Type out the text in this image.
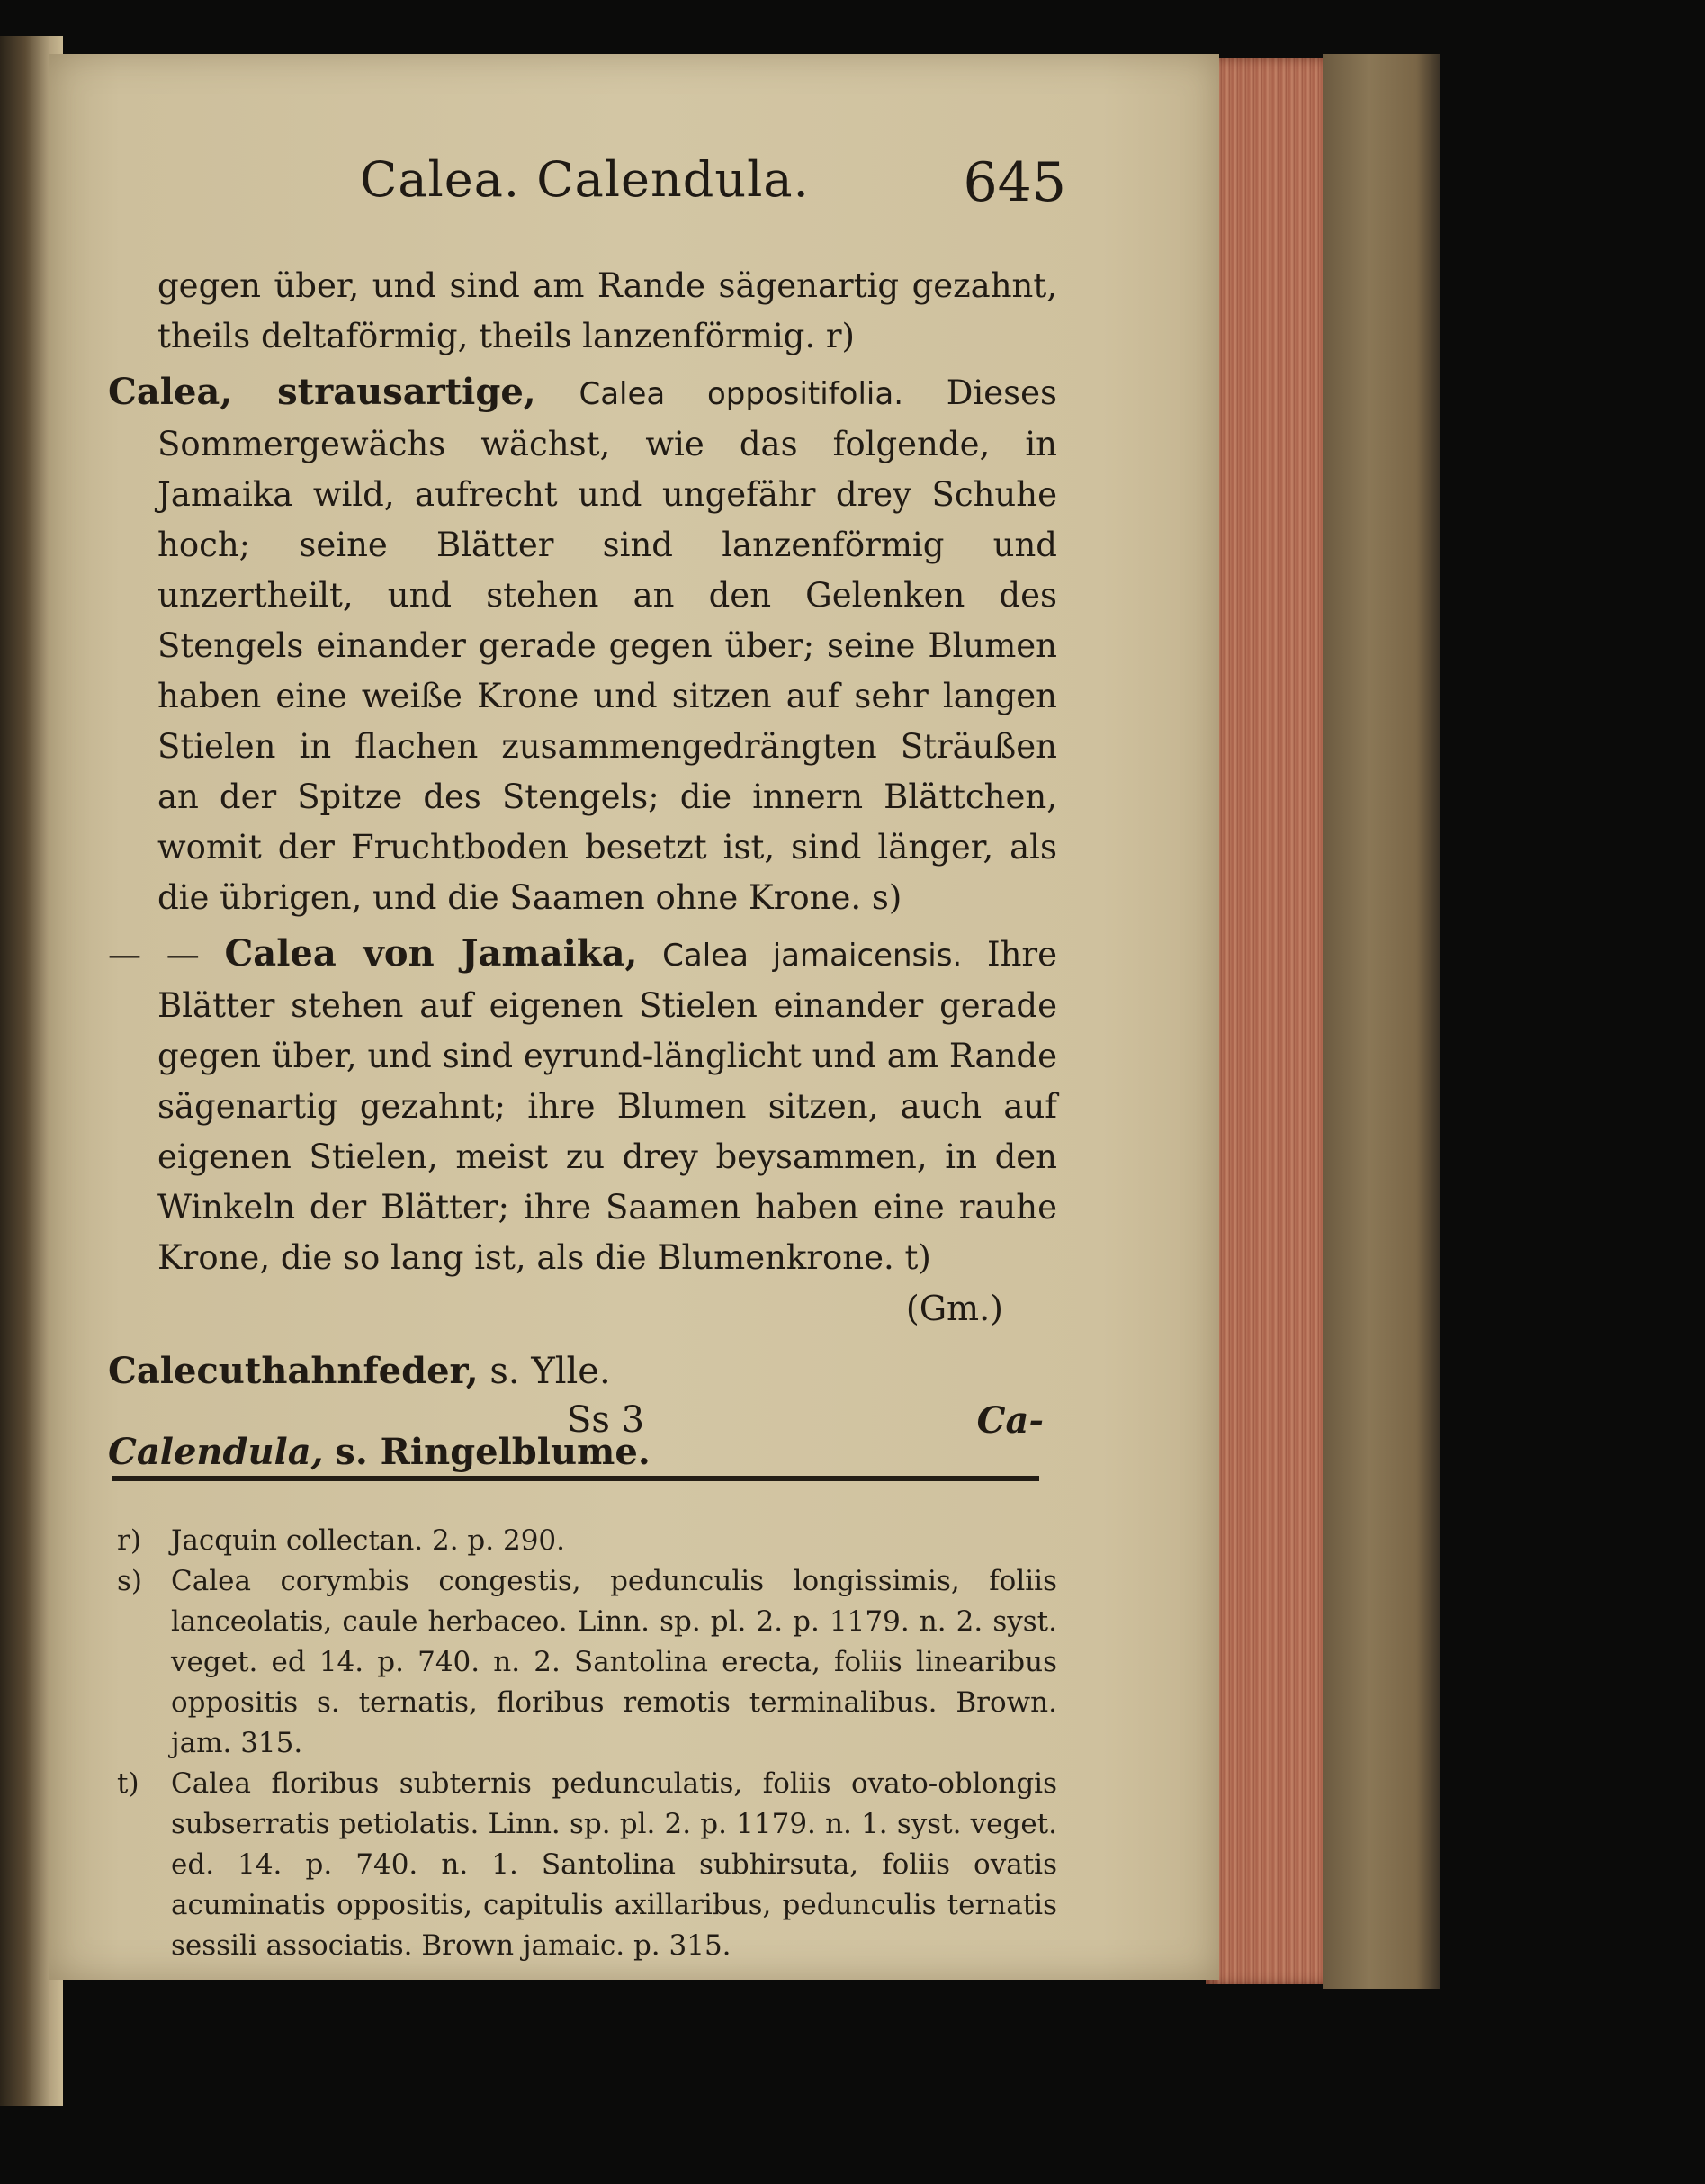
Calea. Calendula.	645

gegen über, und sind am Rande sägenartig gezahnt, theils deltaförmig, theils lanzenförmig. r)

Calea, strausartige, Calea oppositifolia. Dieses Sommergewächs wächst, wie das folgende, in Jamaika wild, aufrecht und ungefähr drey Schuhe hoch; seine Blätter sind lanzenförmig und unzertheilt, und stehen an den Gelenken des Stengels einander gerade gegen über; seine Blumen haben eine weiße Krone und sitzen auf sehr langen Stielen in flachen zusammengedrängten Sträußen an der Spitze des Stengels; die innern Blättchen, womit der Fruchtboden besetzt ist, sind länger, als die übrigen, und die Saamen ohne Krone. s)

— — Calea von Jamaika, Calea jamaicensis. Ihre Blätter stehen auf eigenen Stielen einander gerade gegen über, und sind eyrund-länglicht und am Rande sägenartig gezahnt; ihre Blumen sitzen, auch auf eigenen Stielen, meist zu drey beysammen, in den Winkeln der Blätter; ihre Saamen haben eine rauhe Krone, die so lang ist, als die Blumenkrone. t)
(Gm.)

Calecuthahnfeder, s. Ylle.

Calendula, s. Ringelblume.

Ss 3	Ca-

r) Jacquin collectan. 2. p. 290.

s) Calea corymbis congestis, pedunculis longissimis, foliis lanceolatis, caule herbaceo. Linn. sp. pl. 2. p. 1179. n. 2. syst. veget. ed 14. p. 740. n. 2. Santolina erecta, foliis linearibus oppositis s. ternatis, floribus remotis terminalibus. Brown. jam. 315.

t) Calea floribus subternis pedunculatis, foliis ovato-oblongis subserratis petiolatis. Linn. sp. pl. 2. p. 1179. n. 1. syst. veget. ed. 14. p. 740. n. 1. Santolina subhirsuta, foliis ovatis acuminatis oppositis, capitulis axillaribus, pedunculis ternatis sessili associatis. Brown jamaic. p. 315.
